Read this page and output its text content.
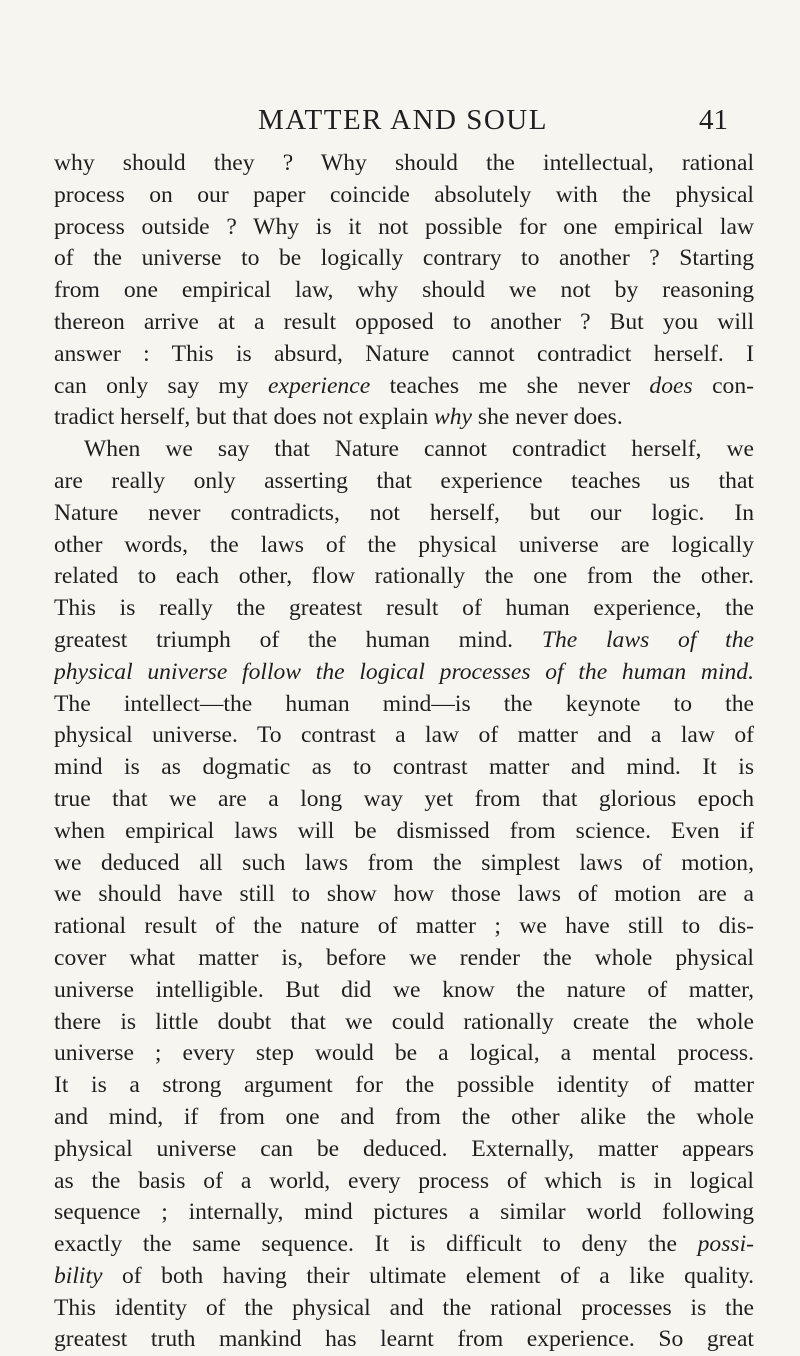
MATTER AND SOUL	41
why should they ? Why should the intellectual, rational
process on our paper coincide absolutely with the physical
process outside ? Why is it not possible for one empirical law
of the universe to be logically contrary to another ? Starting
from one empirical law, why should we not by reasoning
thereon arrive at a result opposed to another ? But you will
answer : This is absurd, Nature cannot contradict herself. I
can only say my experience teaches me she never does con-
tradict herself, but that does not explain why she never does.
When we say that Nature cannot contradict herself, we
are really only asserting that experience teaches us that
Nature never contradicts, not herself, but our logic. In
other words, the laws of the physical universe are logically
related to each other, flow rationally the one from the other.
This is really the greatest result of human experience, the
greatest triumph of the human mind. The laws of the
physical universe follow the logical processes of the human mind.
The intellect—the human mind—is the keynote to the
physical universe. To contrast a law of matter and a law of
mind is as dogmatic as to contrast matter and mind. It is
true that we are a long way yet from that glorious epoch
when empirical laws will be dismissed from science. Even if
we deduced all such laws from the simplest laws of motion,
we should have still to show how those laws of motion are a
rational result of the nature of matter ; we have still to dis-
cover what matter is, before we render the whole physical
universe intelligible. But did we know the nature of matter,
there is little doubt that we could rationally create the whole
universe ; every step would be a logical, a mental process.
It is a strong argument for the possible identity of matter
and mind, if from one and from the other alike the whole
physical universe can be deduced. Externally, matter appears
as the basis of a world, every process of which is in logical
sequence ; internally, mind pictures a similar world following
exactly the same sequence. It is difficult to deny the possi-
bility of both having their ultimate element of a like quality.
This identity of the physical and the rational processes is the
greatest truth mankind has learnt from experience. So great
